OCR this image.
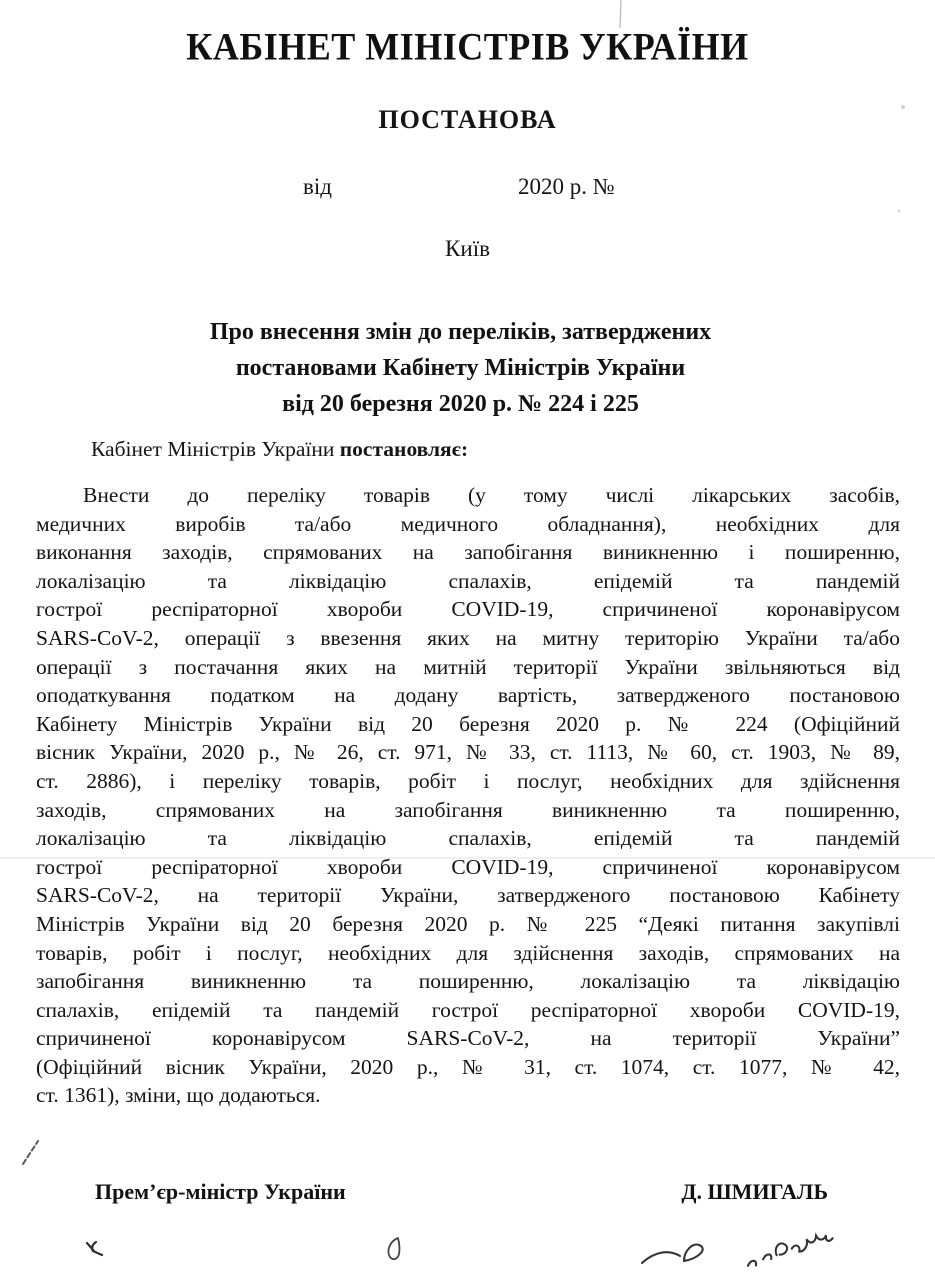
КАБІНЕТ МІНІСТРІВ УКРАЇНИ
ПОСТАНОВА
від	2020 р. №
Київ
Про внесення змін до переліків, затверджених
постановами Кабінету Міністрів України
від 20 березня 2020 р. № 224 і 225
Кабінет Міністрів України постановляє:
Внести до переліку товарів (у тому числі лікарських засобів,
медичних виробів та/або медичного обладнання), необхідних для
виконання заходів, спрямованих на запобігання виникненню і поширенню,
локалізацію та ліквідацію спалахів, епідемій та пандемій
гострої респіраторної хвороби COVID-19, спричиненої коронавірусом
SARS-CoV-2, операції з ввезення яких на митну територію України та/або
операції з постачання яких на митній території України звільняються від
оподаткування податком на додану вартість, затвердженого постановою
Кабінету Міністрів України від 20 березня 2020 р. № 224 (Офіційний
вісник України, 2020 р., № 26, ст. 971, № 33, ст. 1113, № 60, ст. 1903, № 89,
ст. 2886), і переліку товарів, робіт і послуг, необхідних для здійснення
заходів, спрямованих на запобігання виникненню та поширенню,
локалізацію та ліквідацію спалахів, епідемій та пандемій
гострої респіраторної хвороби COVID-19, спричиненої коронавірусом
SARS-CoV-2, на території України, затвердженого постановою Кабінету
Міністрів України від 20 березня 2020 р. № 225 “Деякі питання закупівлі
товарів, робіт і послуг, необхідних для здійснення заходів, спрямованих на
запобігання виникненню та поширенню, локалізацію та ліквідацію
спалахів, епідемій та пандемій гострої респіраторної хвороби COVID-19,
спричиненої коронавірусом SARS-CoV-2, на території України”
(Офіційний вісник України, 2020 р., № 31, ст. 1074, ст. 1077, № 42,
ст. 1361), зміни, що додаються.
Прем’єр-міністр України	Д. ШМИГАЛЬ
